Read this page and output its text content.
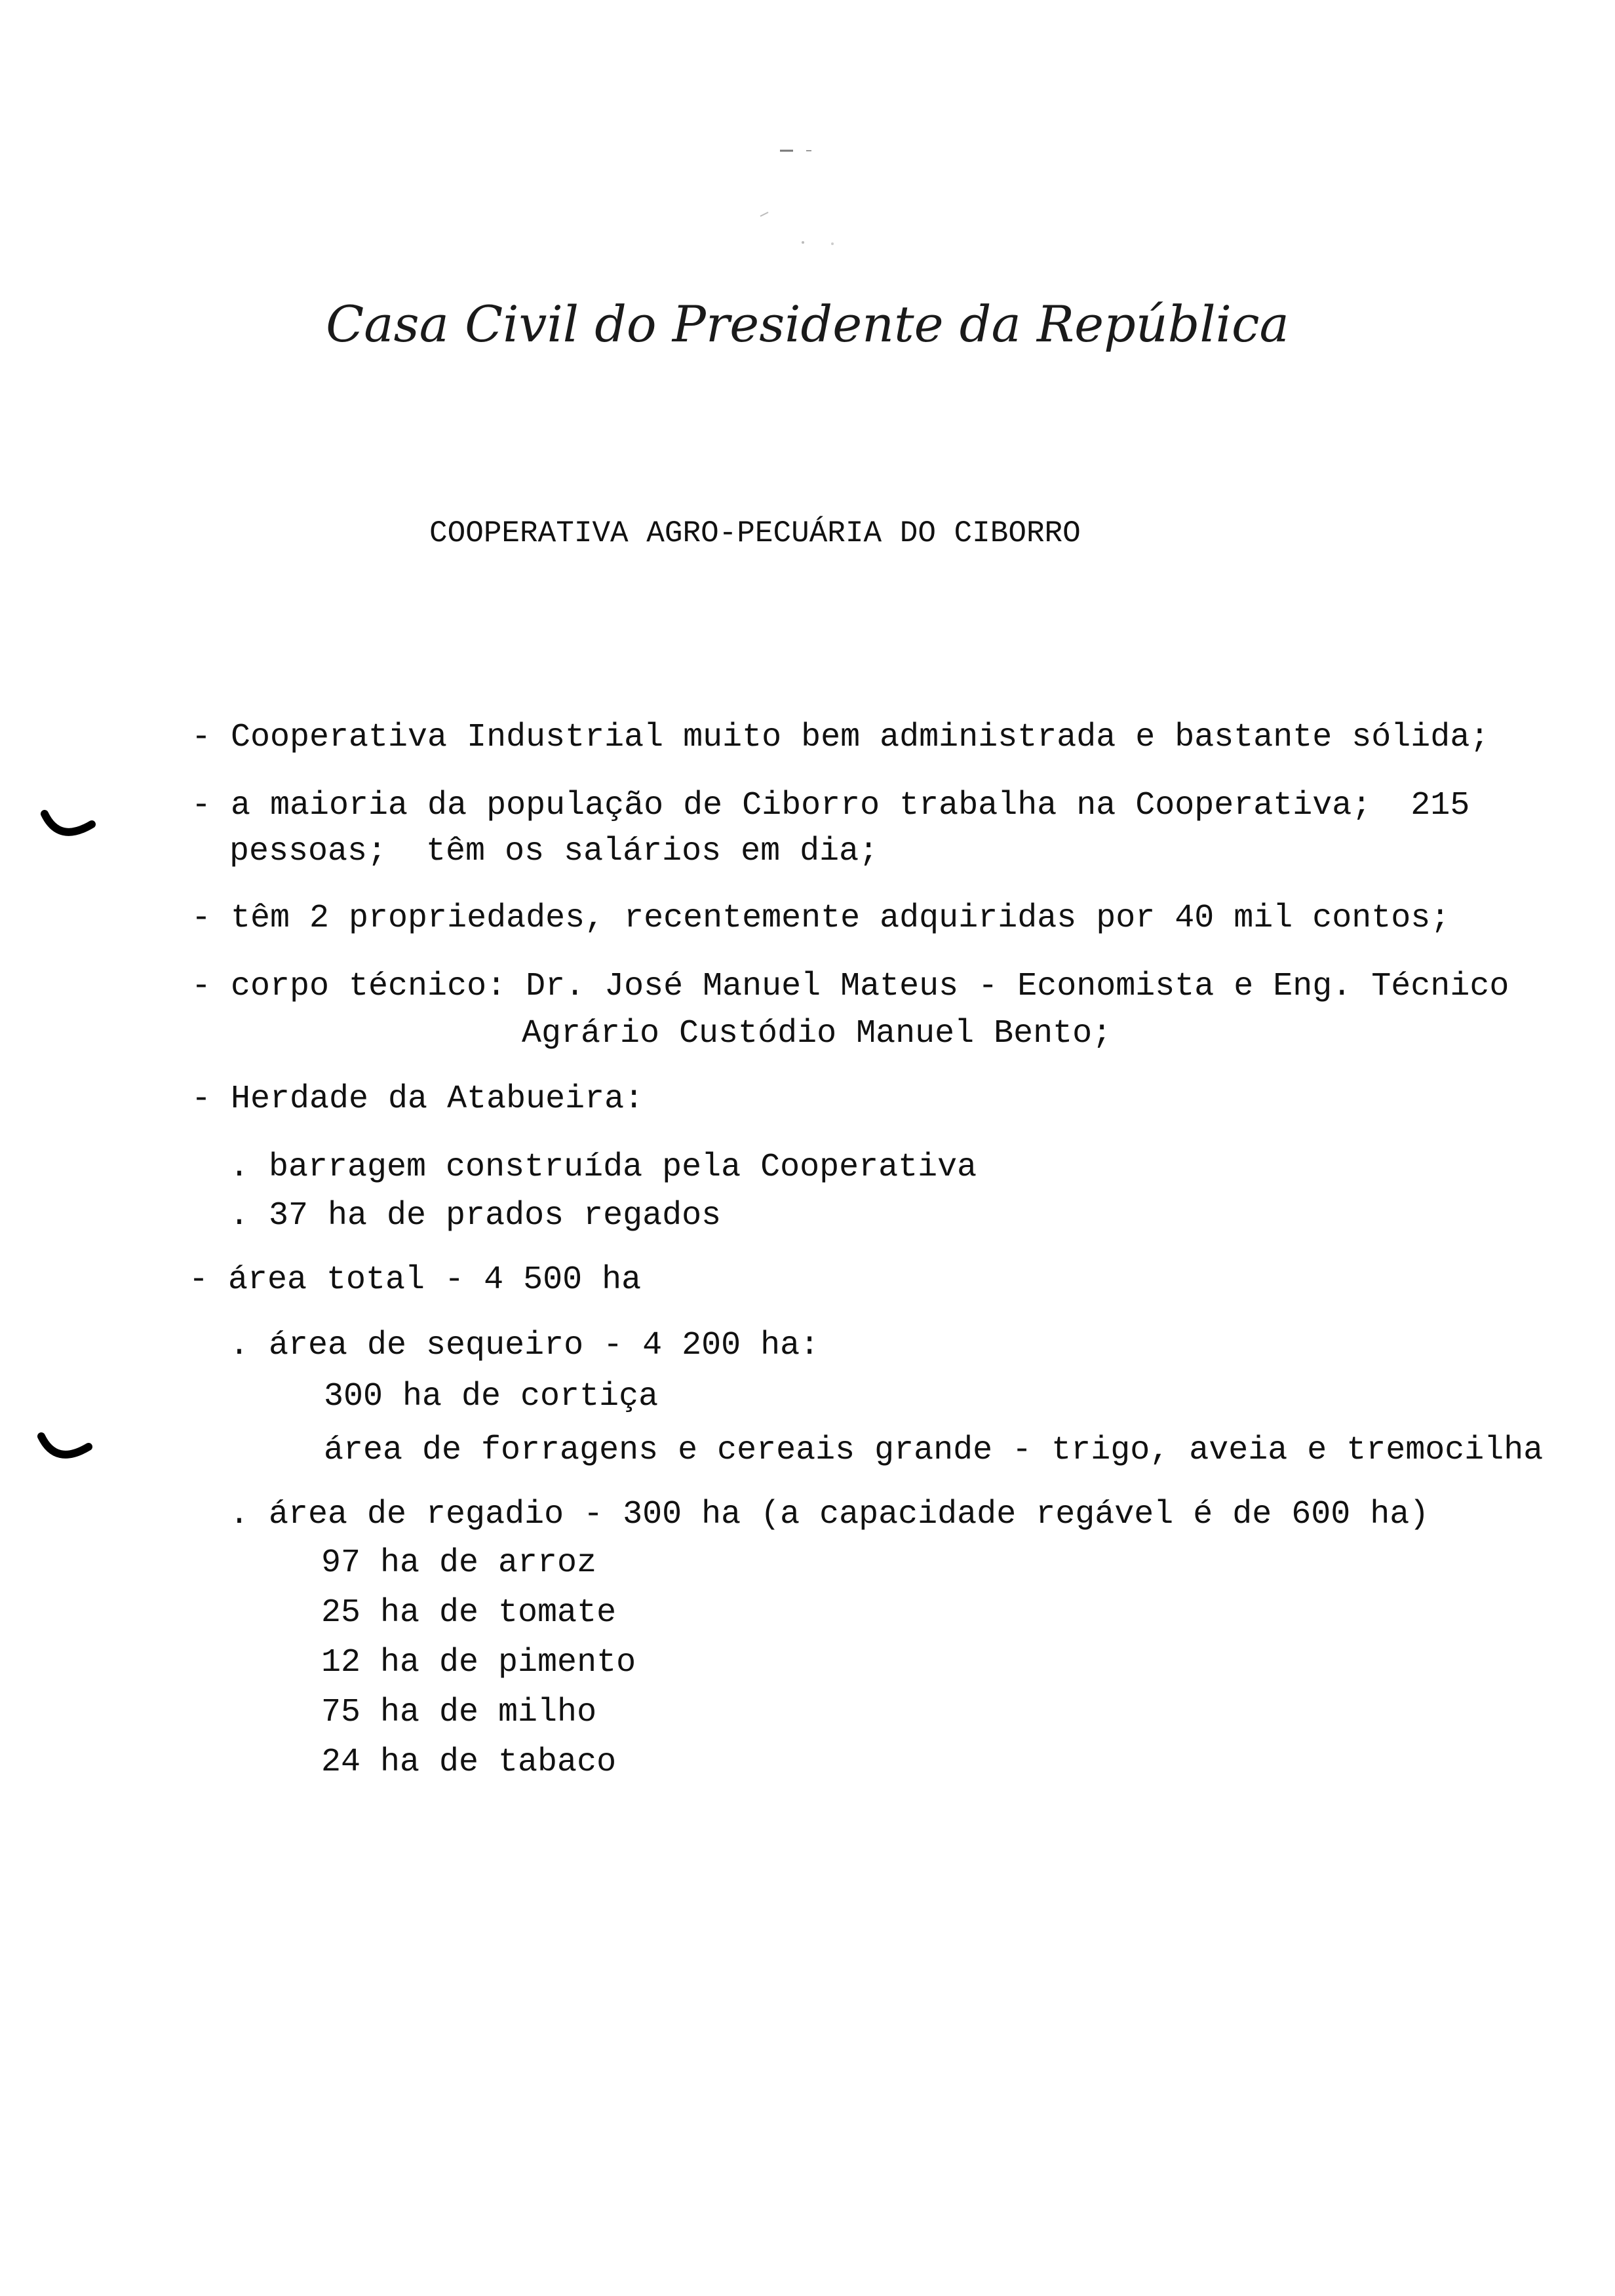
Casa Civil do Presidente da República
COOPERATIVA AGRO-PECUÁRIA DO CIBORRO
- Cooperativa Industrial muito bem administrada e bastante sólida;
- a maioria da população de Ciborro trabalha na Cooperativa;  215
pessoas;  têm os salários em dia;
- têm 2 propriedades, recentemente adquiridas por 40 mil contos;
- corpo técnico: Dr. José Manuel Mateus - Economista e Eng. Técnico
Agrário Custódio Manuel Bento;
- Herdade da Atabueira:
. barragem construída pela Cooperativa
. 37 ha de prados regados
- área total - 4 500 ha
. área de sequeiro - 4 200 ha:
300 ha de cortiça
área de forragens e cereais grande - trigo, aveia e tremocilha
. área de regadio - 300 ha (a capacidade regável é de 600 ha)
97 ha de arroz
25 ha de tomate
12 ha de pimento
75 ha de milho
24 ha de tabaco
